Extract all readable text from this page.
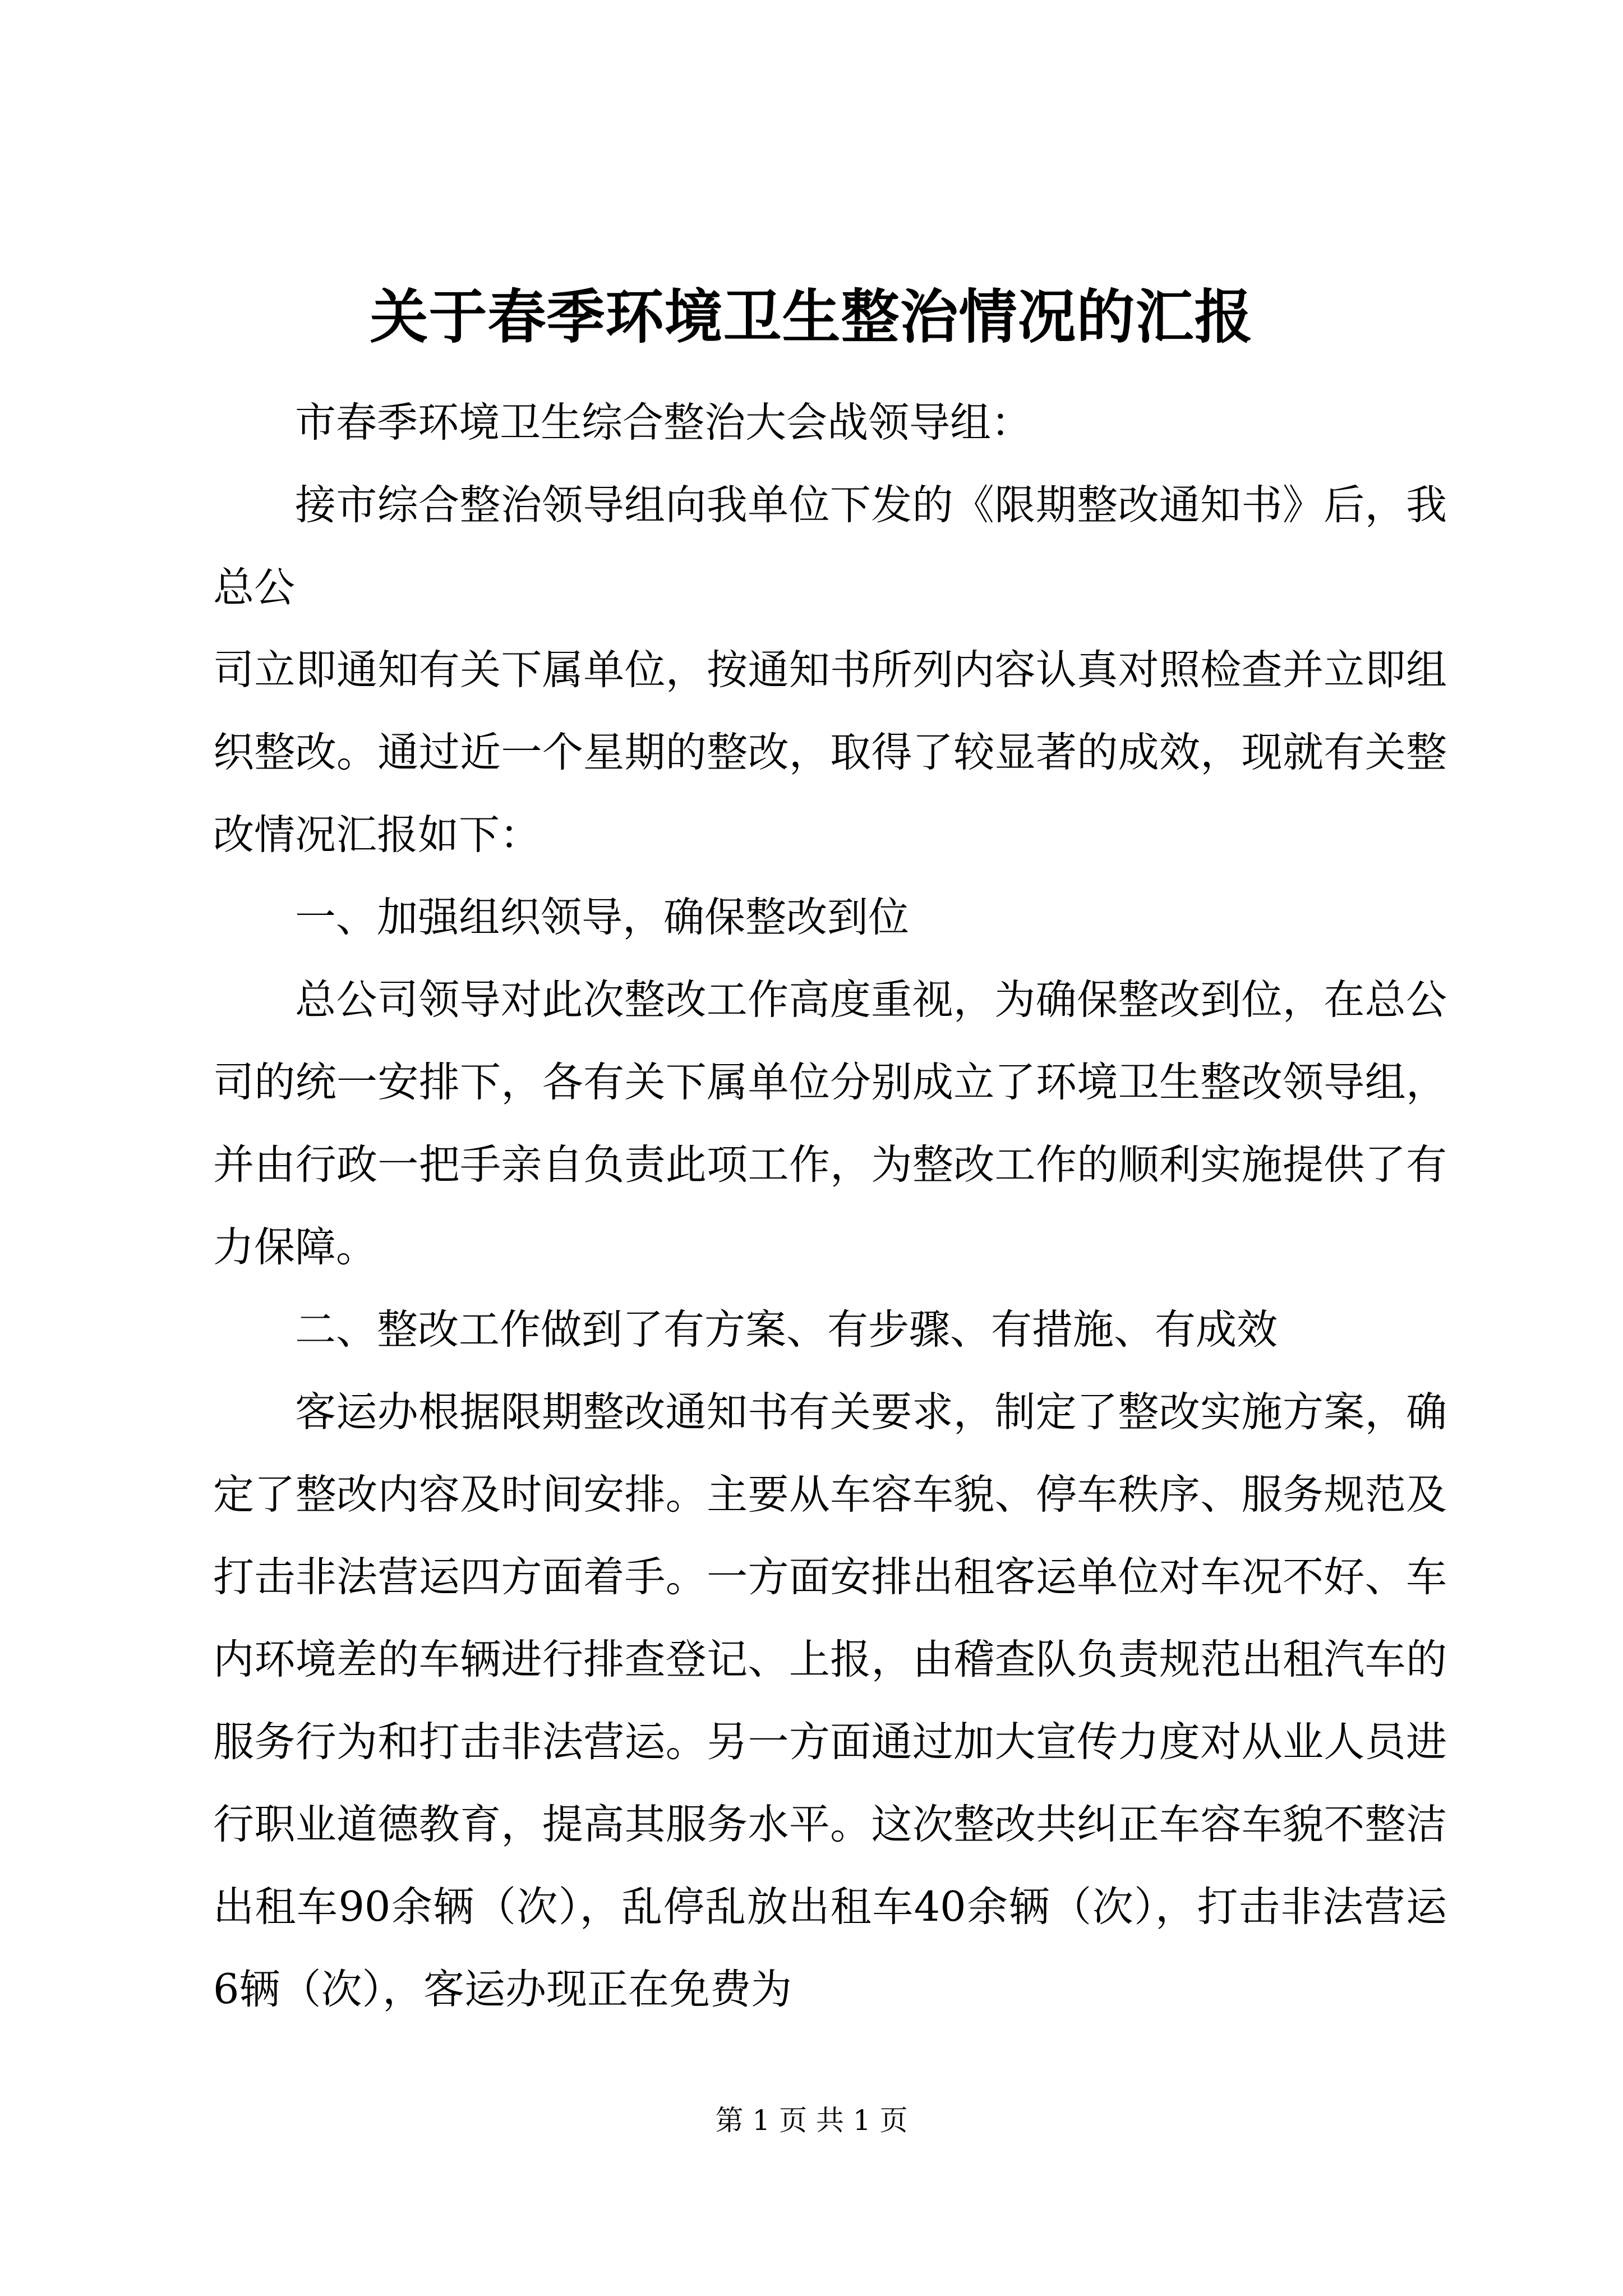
关于春季环境卫生整治情况的汇报

市春季环境卫生综合整治大会战领导组：

接市综合整治领导组向我单位下发的《限期整改通知书》后，我总公

司立即通知有关下属单位，按通知书所列内容认真对照检查并立即组织整改。通过近一个星期的整改，取得了较显著的成效，现就有关整改情况汇报如下：

一、加强组织领导，确保整改到位

总公司领导对此次整改工作高度重视，为确保整改到位，在总公司的统一安排下，各有关下属单位分别成立了环境卫生整改领导组，并由行政一把手亲自负责此项工作，为整改工作的顺利实施提供了有力保障。

二、整改工作做到了有方案、有步骤、有措施、有成效

客运办根据限期整改通知书有关要求，制定了整改实施方案，确定了整改内容及时间安排。主要从车容车貌、停车秩序、服务规范及打击非法营运四方面着手。一方面安排出租客运单位对车况不好、车内环境差的车辆进行排查登记、上报，由稽查队负责规范出租汽车的服务行为和打击非法营运。另一方面通过加大宣传力度对从业人员进行职业道德教育，提高其服务水平。这次整改共纠正车容车貌不整洁出租车90余辆（次），乱停乱放出租车40余辆（次），打击非法营运6辆（次），客运办现正在免费为

第 1 页 共 1 页
